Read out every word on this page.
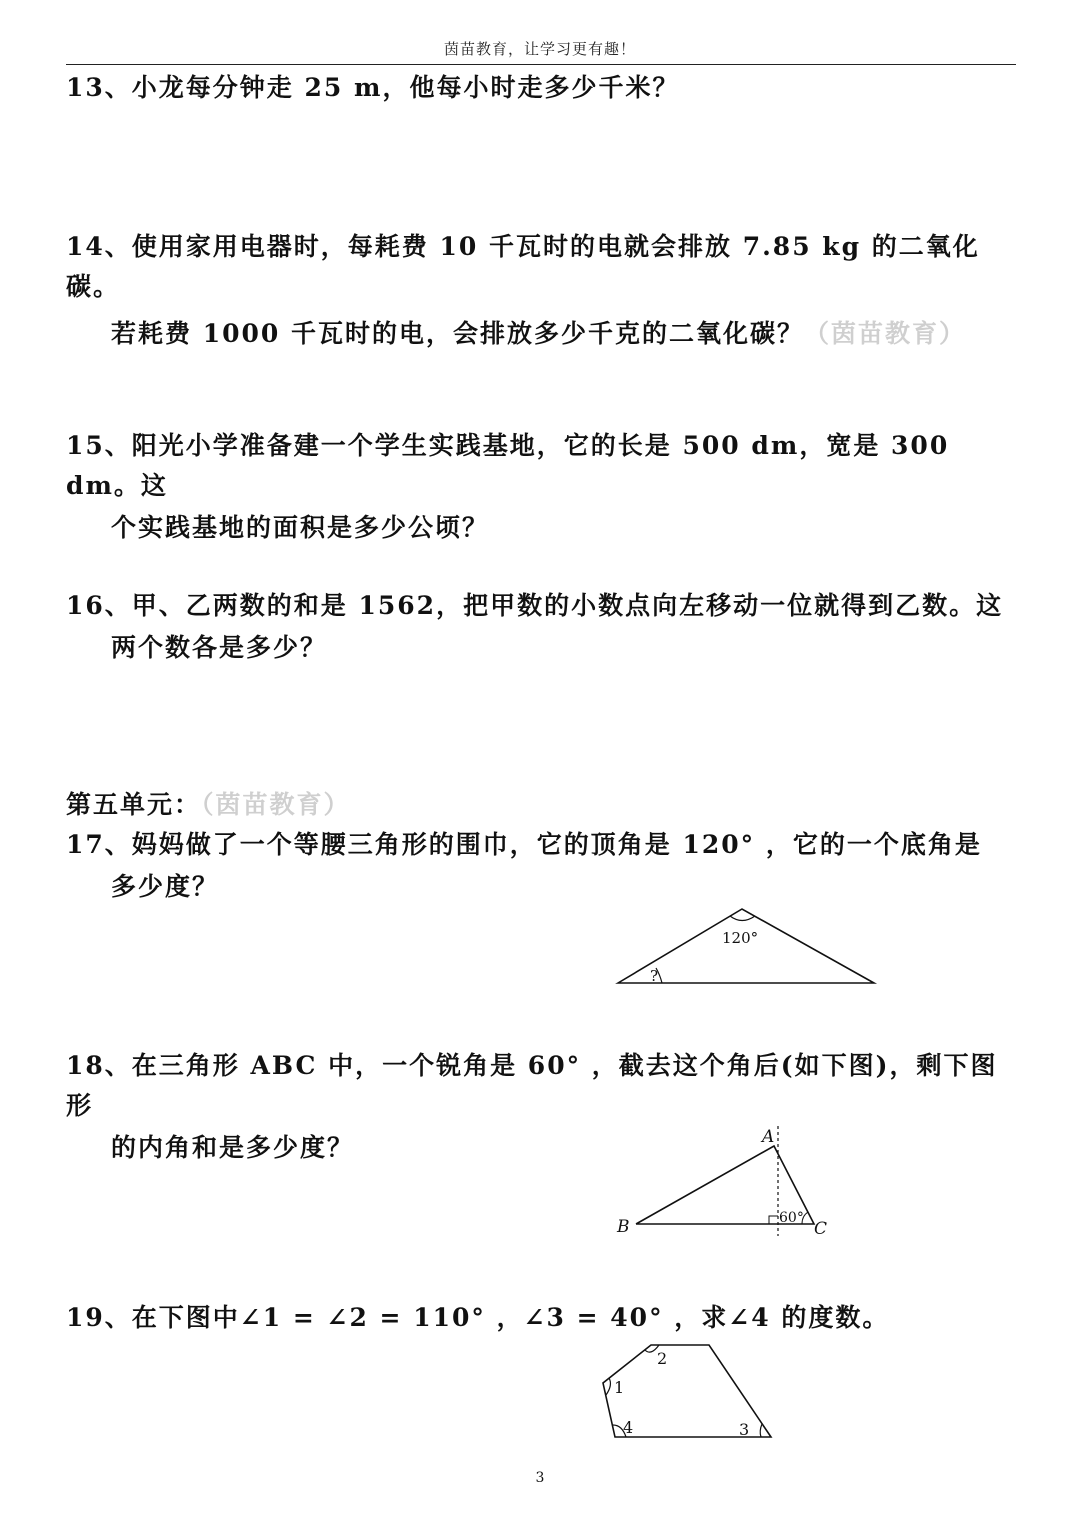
茵苗教育，让学习更有趣！
13、小龙每分钟走 25 m，他每小时走多少千米？
14、使用家用电器时，每耗费 10 千瓦时的电就会排放 7.85 kg 的二氧化碳。
若耗费 1000 千瓦时的电，会排放多少千克的二氧化碳？（茵苗教育）
15、阳光小学准备建一个学生实践基地，它的长是 500 dm，宽是 300 dm。这
个实践基地的面积是多少公顷？
16、甲、乙两数的和是 1562，把甲数的小数点向左移动一位就得到乙数。这
两个数各是多少？
第五单元：（茵苗教育）
17、妈妈做了一个等腰三角形的围巾，它的顶角是 120° ，它的一个底角是
多少度？
120°
?
18、在三角形 ABC 中，一个锐角是 60° ，截去这个角后(如下图)，剩下图形
的内角和是多少度？	A
B	C
60°
19、在下图中∠1 = ∠2 = 110° ，∠3 = 40° ，求∠4 的度数。
2
1
4	3
3
